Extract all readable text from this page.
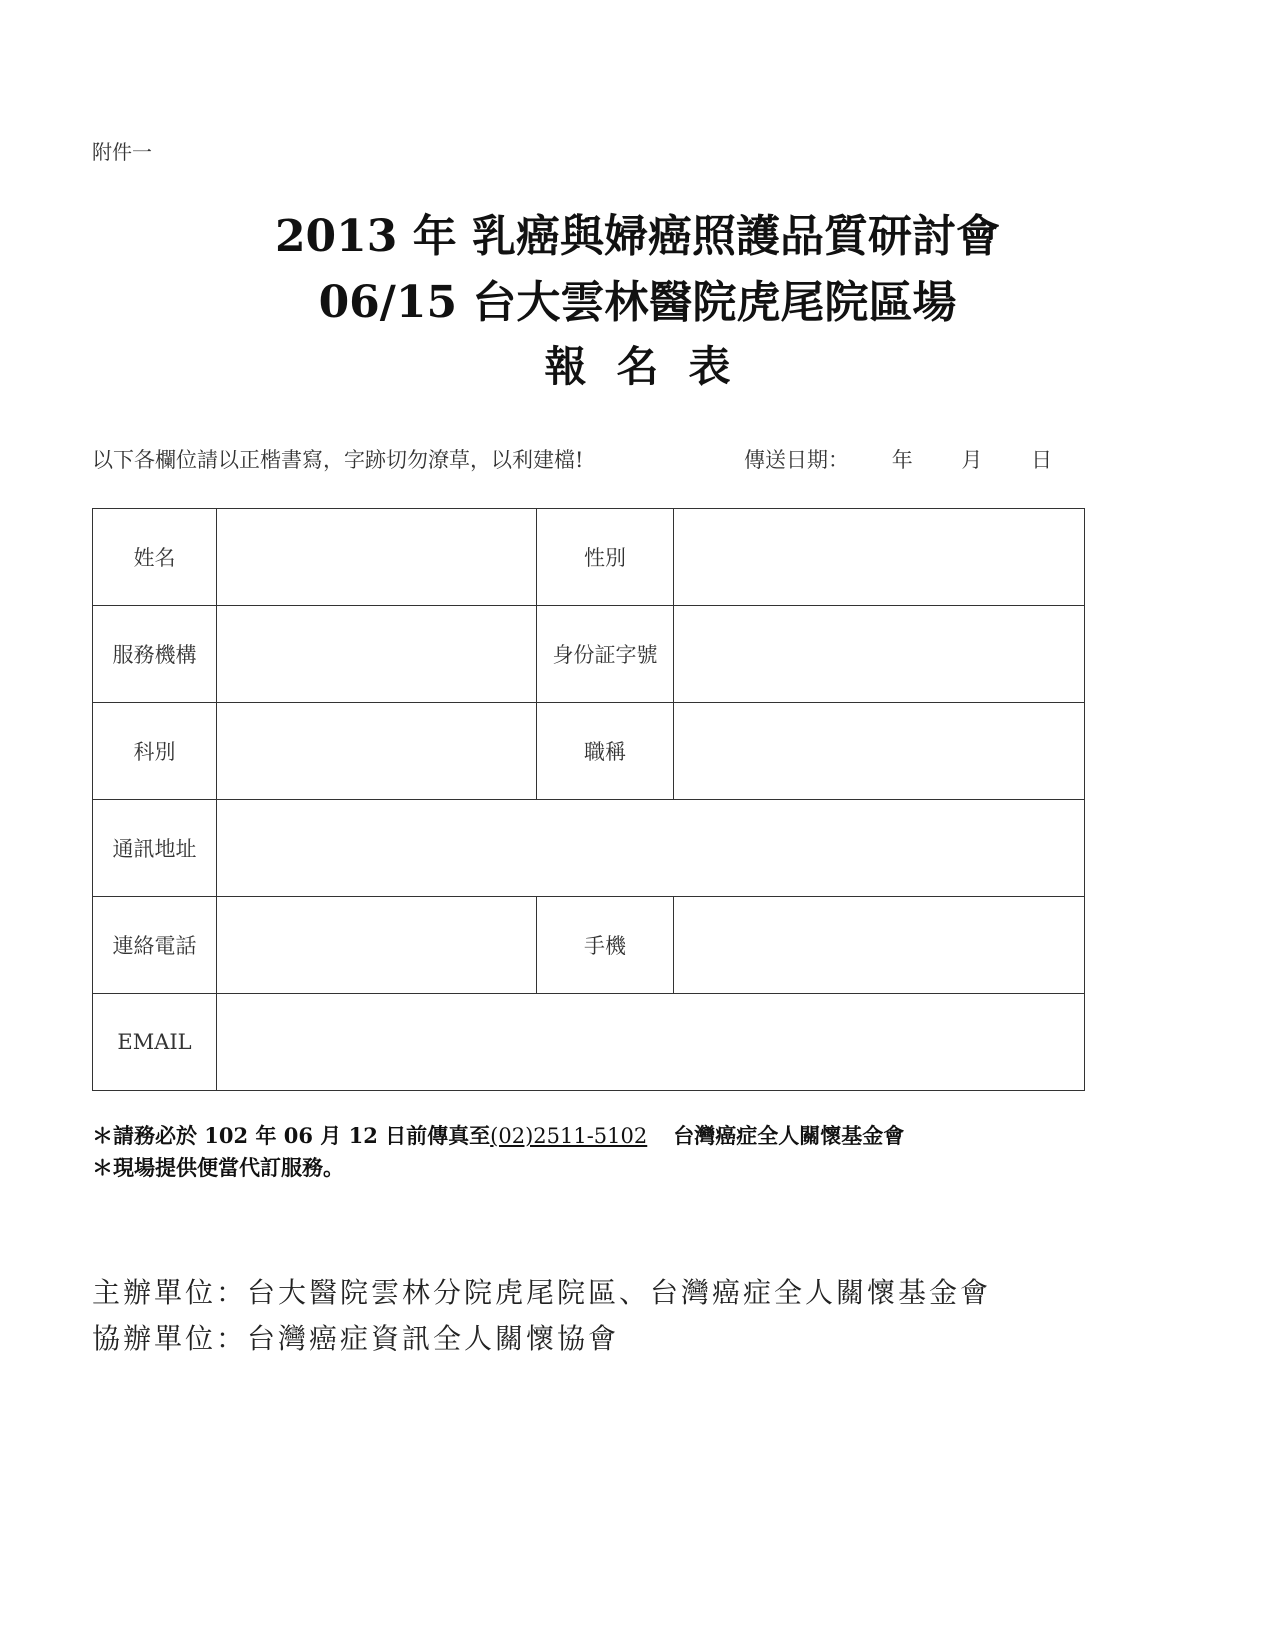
附件一
2013 年 乳癌與婦癌照護品質研討會
06/15 台大雲林醫院虎尾院區場
報名表
以下各欄位請以正楷書寫，字跡切勿潦草，以利建檔!	傳送日期： 年 月 日
姓名		性別	
服務機構		身份証字號	
科別		職稱	
通訊地址			
連絡電話		手機	
EMAIL			
＊請務必於 102 年 06 月 12 日前傳真至(02)2511-5102 台灣癌症全人關懷基金會
＊現場提供便當代訂服務。
主辦單位：台大醫院雲林分院虎尾院區、台灣癌症全人關懷基金會
協辦單位：台灣癌症資訊全人關懷協會
